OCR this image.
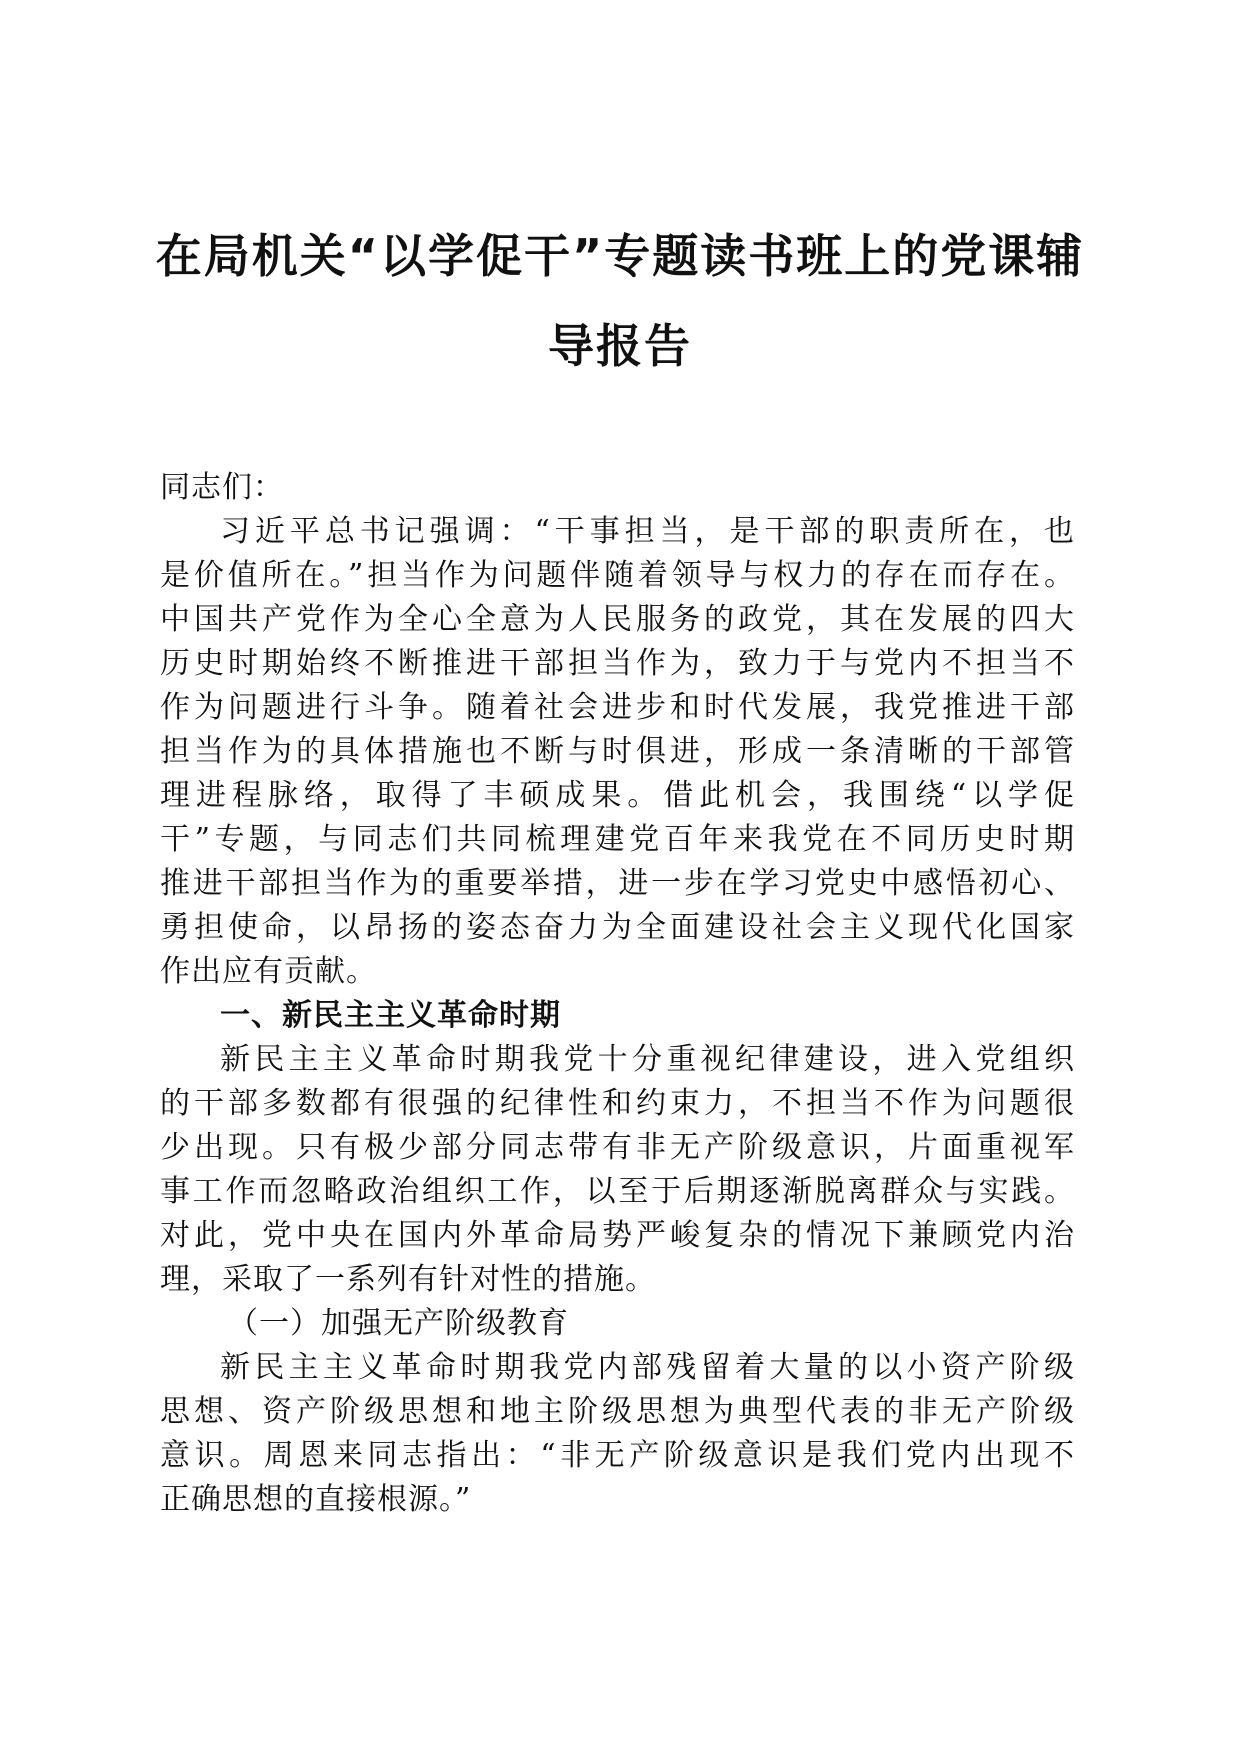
在局机关“以学促干”专题读书班上的党课辅
导报告
同志们：
习近平总书记强调：“干事担当，是干部的职责所在，也
是价值所在。”担当作为问题伴随着领导与权力的存在而存在。
中国共产党作为全心全意为人民服务的政党，其在发展的四大
历史时期始终不断推进干部担当作为，致力于与党内不担当不
作为问题进行斗争。随着社会进步和时代发展，我党推进干部
担当作为的具体措施也不断与时俱进，形成一条清晰的干部管
理进程脉络，取得了丰硕成果。借此机会，我围绕“以学促
干”专题，与同志们共同梳理建党百年来我党在不同历史时期
推进干部担当作为的重要举措，进一步在学习党史中感悟初心、
勇担使命，以昂扬的姿态奋力为全面建设社会主义现代化国家
作出应有贡献。
一、新民主主义革命时期
新民主主义革命时期我党十分重视纪律建设，进入党组织
的干部多数都有很强的纪律性和约束力，不担当不作为问题很
少出现。只有极少部分同志带有非无产阶级意识，片面重视军
事工作而忽略政治组织工作，以至于后期逐渐脱离群众与实践。
对此，党中央在国内外革命局势严峻复杂的情况下兼顾党内治
理，采取了一系列有针对性的措施。
（一）加强无产阶级教育
新民主主义革命时期我党内部残留着大量的以小资产阶级
思想、资产阶级思想和地主阶级思想为典型代表的非无产阶级
意识。周恩来同志指出：“非无产阶级意识是我们党内出现不
正确思想的直接根源。”
